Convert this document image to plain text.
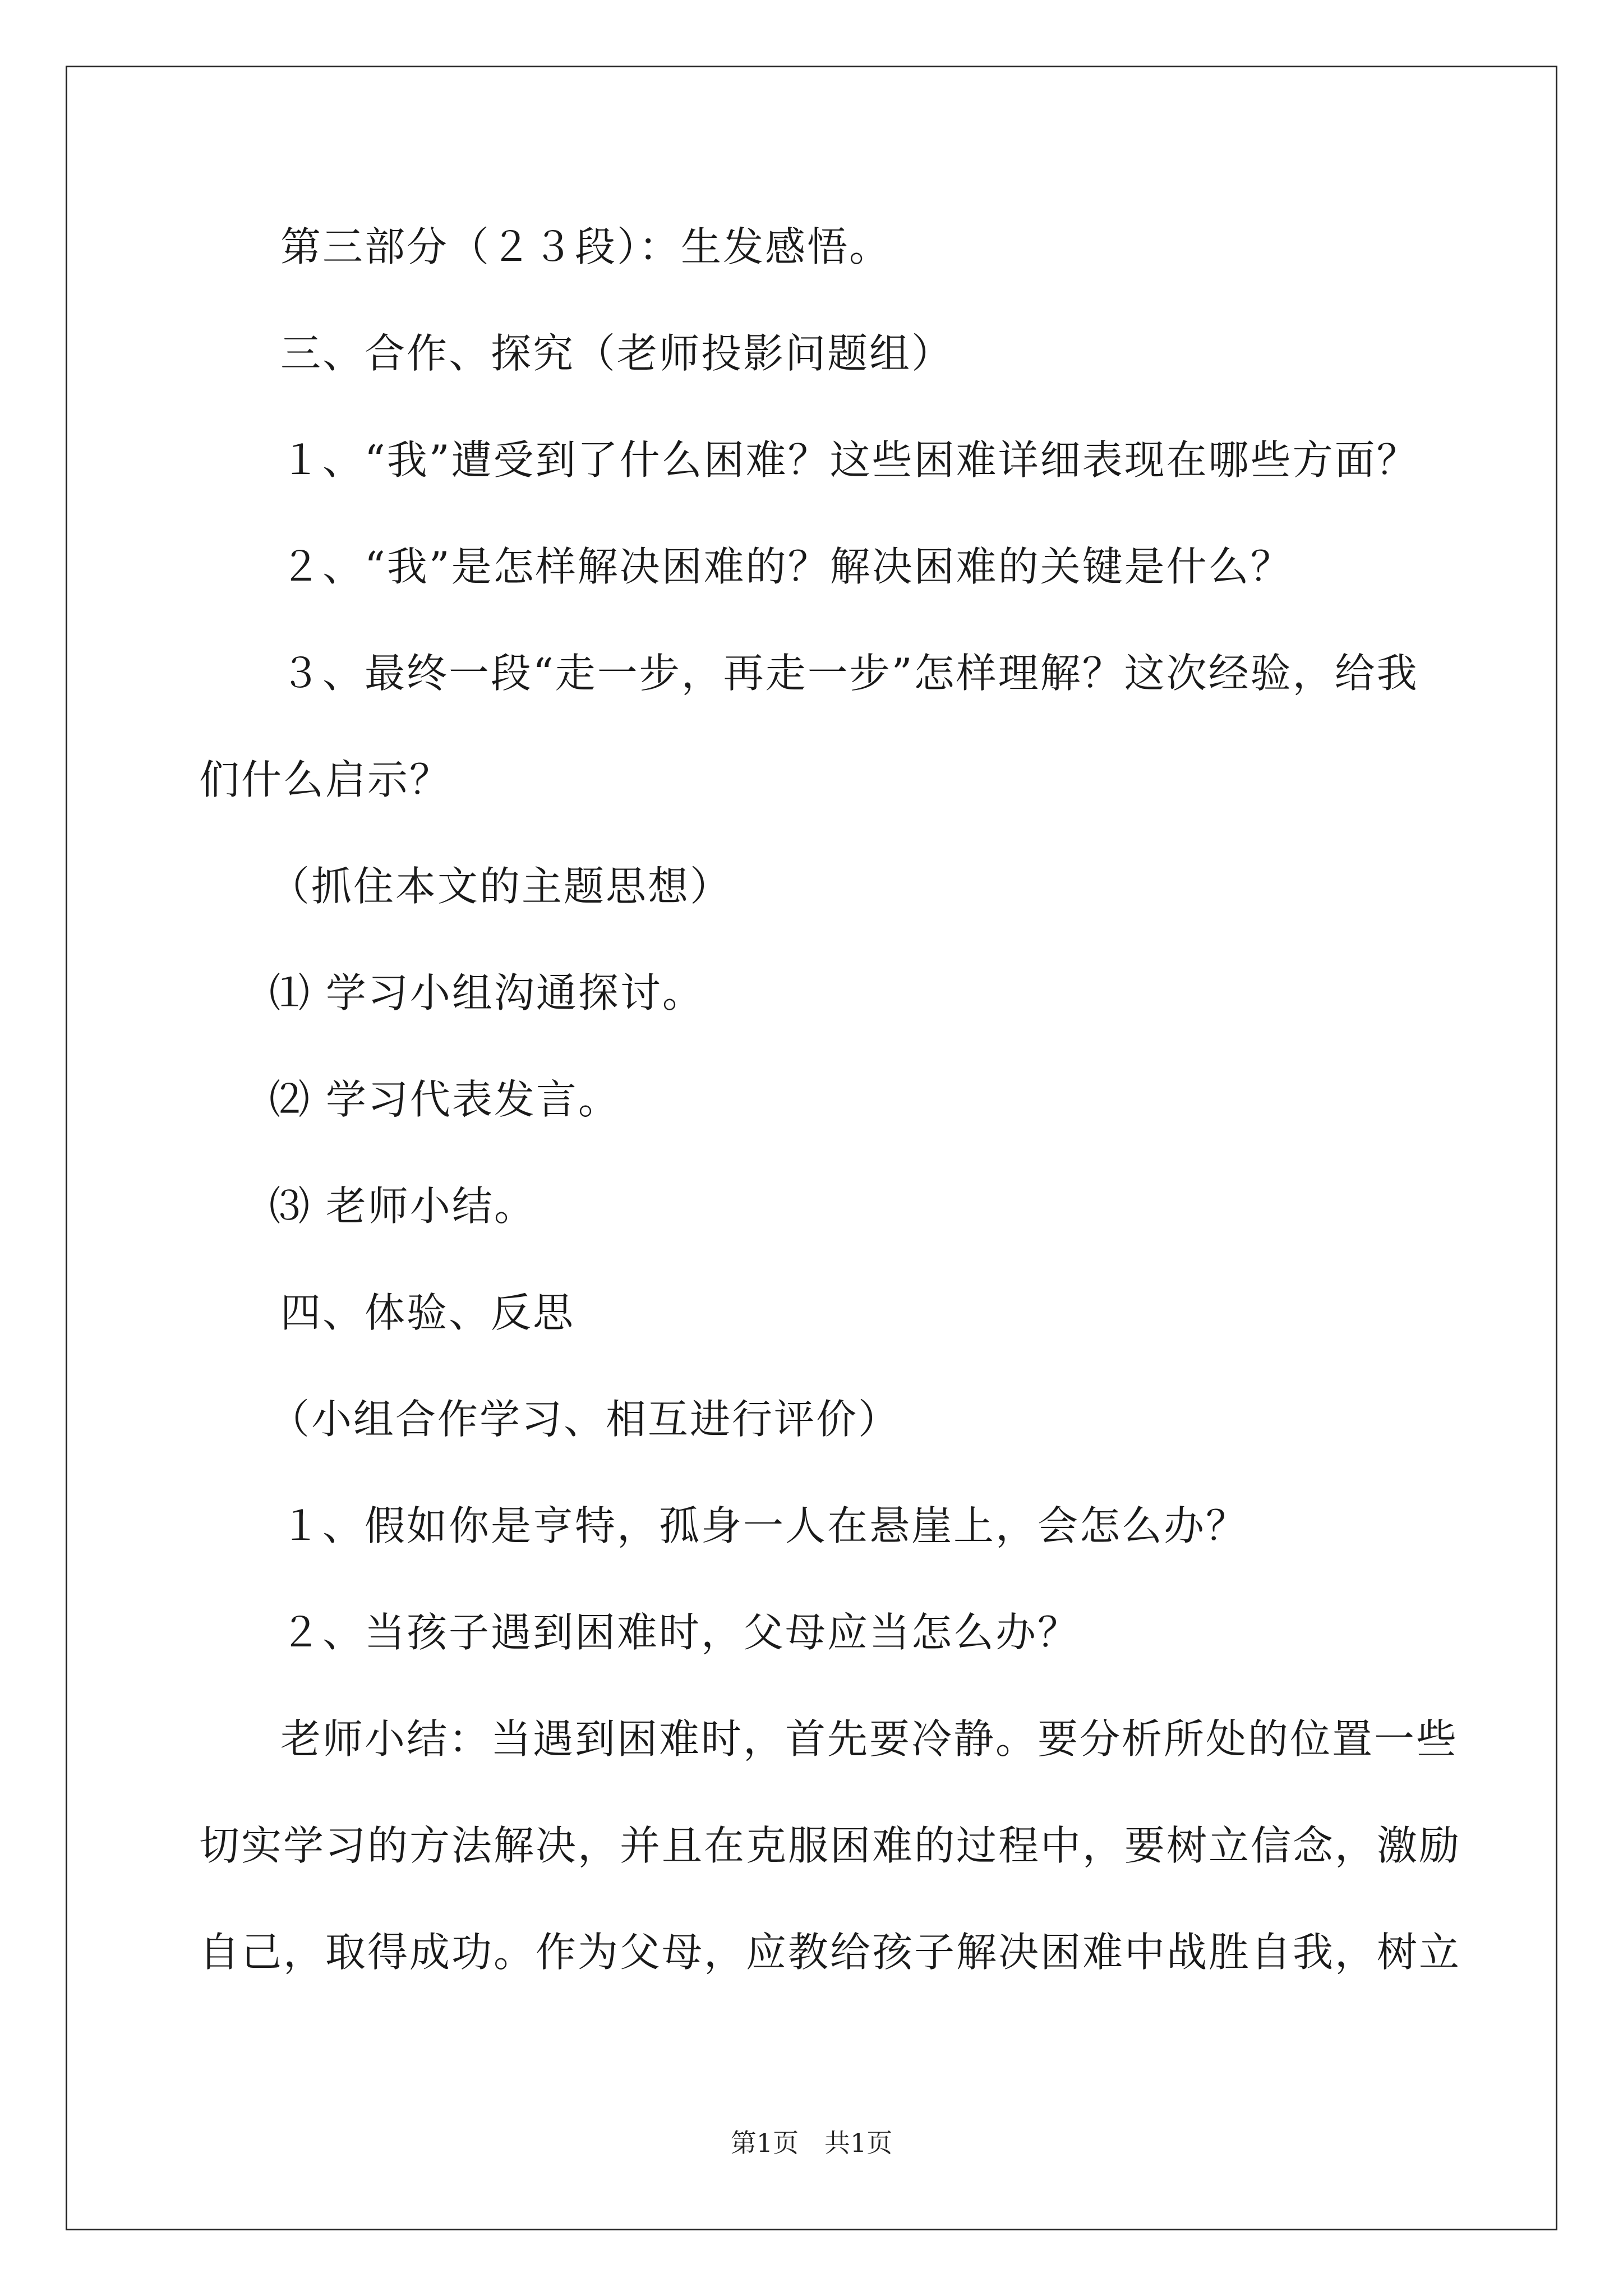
第三部分（２３段）：生发感悟。
三、合作、探究（老师投影问题组）
１、“我”遭受到了什么困难？这些困难详细表现在哪些方面？
２、“我”是怎样解决困难的？解决困难的关键是什么？
３、最终一段“走一步，再走一步”怎样理解？这次经验，给我
们什么启示？
（抓住本文的主题思想）
⑴ 学习小组沟通探讨。
⑵ 学习代表发言。
⑶ 老师小结。
四、体验、反思
（小组合作学习、相互进行评价）
１、假如你是亨特，孤身一人在悬崖上，会怎么办？
２、当孩子遇到困难时，父母应当怎么办？
老师小结：当遇到困难时，首先要冷静。要分析所处的位置一些
切实学习的方法解决，并且在克服困难的过程中，要树立信念，激励
自己，取得成功。作为父母，应教给孩子解决困难中战胜自我，树立
第1页　共1页
